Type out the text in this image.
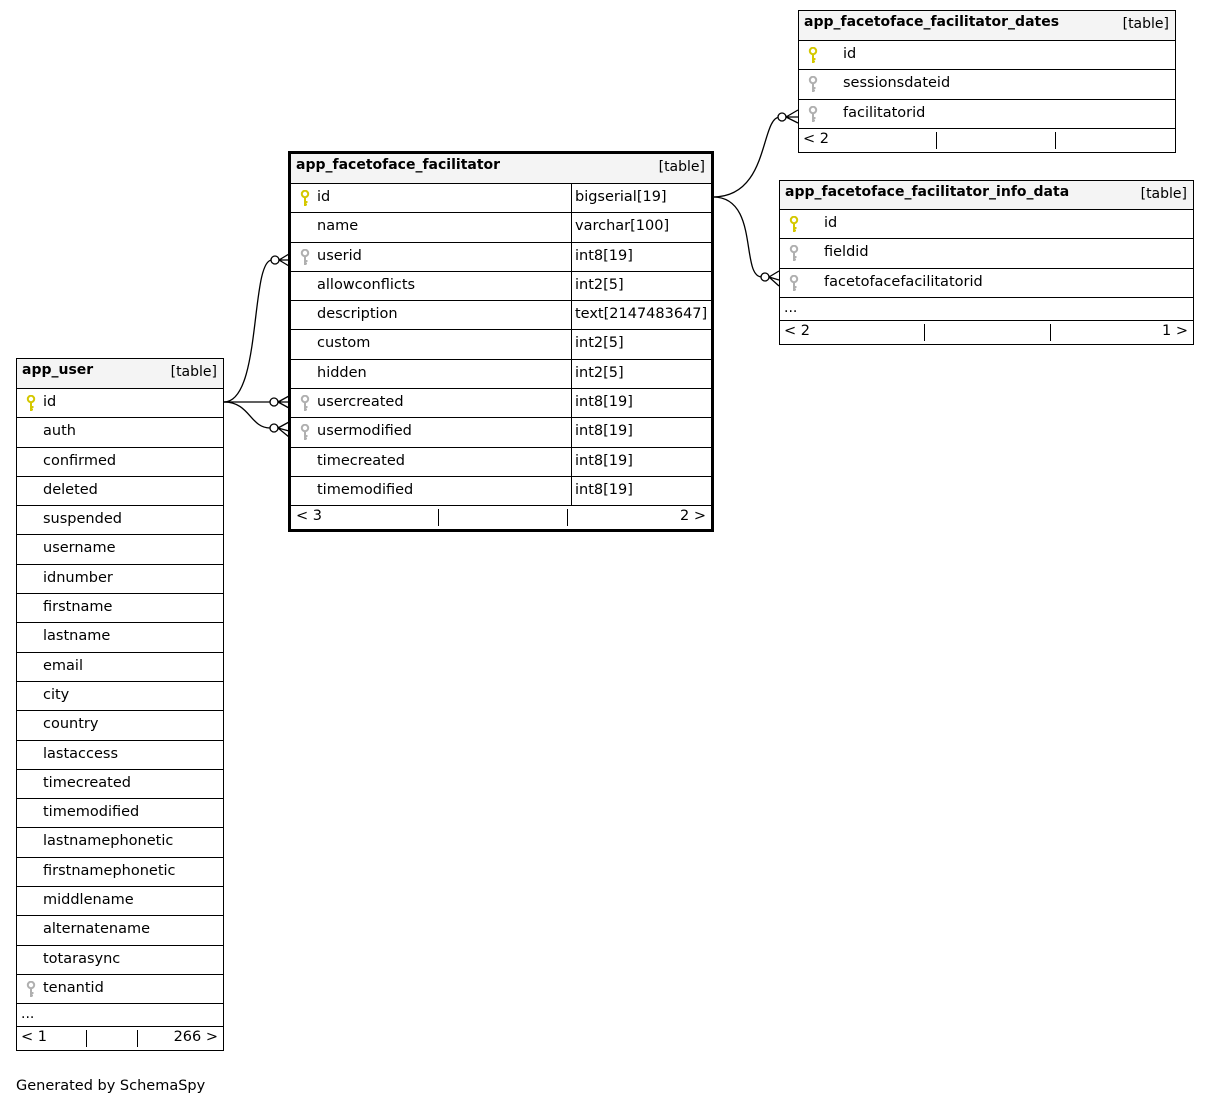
app_user	[table]
id
auth
confirmed
deleted
suspended
username
idnumber
firstname
lastname
email
city
country
lastaccess
timecreated
timemodified
lastnamephonetic
firstnamephonetic
middlename
alternatename
totarasync
tenantid
...
< 1	266 >
app_facetoface_facilitator	[table]
id	bigserial[19]
name	varchar[100]
userid	int8[19]
allowconflicts	int2[5]
description	text[2147483647]
custom	int2[5]
hidden	int2[5]
usercreated	int8[19]
usermodified	int8[19]
timecreated	int8[19]
timemodified	int8[19]
< 3	2 >
app_facetoface_facilitator_dates	[table]
id
sessionsdateid
facilitatorid
< 2
app_facetoface_facilitator_info_data	[table]
id
fieldid
facetofacefacilitatorid
...
< 2	1 >
Generated by SchemaSpy
